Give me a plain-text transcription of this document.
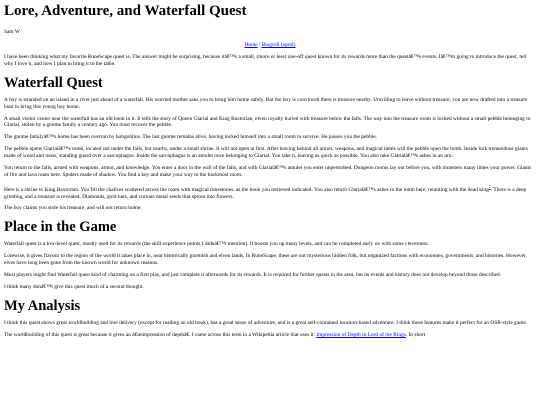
Lore, Adventure, and Waterfall Quest

Sam W

Home | Blogroll (opml)

I have been thinking what my favorite RuneScape quest is. The answer might be surprising, because itâ€™s a small, (more or less) one-off quest known for its rewards more than the questâ€™s events. Iâ€™m going to introduce the quest, tell why I love it, and how I plan to bring it to the table.

Waterfall Quest

A boy is stranded on an island in a river just ahead of a waterfall. His worried mother asks you to bring him home safely. But the boy is convinced there is treasure nearby. Unwilling to leave without treasure, you are now drafted into a treasure hunt to bring this young boy home.

A small visitor center near the waterfall has an old book in it. It tells the story of Queen Glarial and King Baxtorian, elven royalty buried with treasure below the falls. The way into the treasure room is locked without a small pebble belonging to Glarial, stolen by a gnome family a century ago. You must recover the pebble.

The gnome familyâ€™s home has been overrun by hobgoblins. The last gnome remains alive, having locked himself into a small room to survive. He passes you the pebble.

The pebble opens Glarialâ€™s tomb, located not under the falls, but nearby, under a small shrine. It will not open at first. After leaving behind all armor, weapons, and magical items will the pebble open the tomb. Inside lurk tremendous giants made of wood and moss, standing guard over a sarcophagus. Inside the sarcophagus is an amulet once belonging to Glarial. You take it, leaving as quick as possible. You also take Glarialâ€™s ashes in an urn.

You return to the falls, armed with weapons, armor, and knowledge. You enter a door in the wall of the falls, and with Glarialâ€™s amulet you enter unperturbed. Dungeon rooms lay out before you, with monsters many times your power. Giants of fire and lava roam here. Spiders made of shadow. You find a key and make your way to the backmost room.

Here is a shrine to King Baxtorian. You fill the chalices scattered across the room with magical runestones, as the book you retrieved indicated. You also return Glarialâ€™s ashes to the tomb here, reuniting with the dead king$^1$. There is a deep grinding, and a treasure is revealed. Diamonds, gold bars, and curious metal seeds that sprout into flowers.

The boy claims you stole his treasure, and will not return home.

Place in the Game

Waterfall quest is a low-level quest, mostly used for its rewards (the skill experience points I didnâ€™t mention). It boosts you up many levels, and can be completed early on with some cleverness.

Lorewise, it gives flavour to the region of the world it takes place in, near historically gnomish and elven lands. In RuneScape, these are not mysterious hidden folk, but organized factions with economies, governments, and histories. However, elves have long been gone from the known world for unknown reasons.

Most players might find Waterfall quest kind of charming on a first play, and just complete it afterwards for its rewards. It is required for further quests in the area, but its events and history does not develop beyond those described.

I think many donâ€™t give this quest much of a second thought.

My Analysis

I think this quest shows great worldbuilding and lore delivery (except for reading an old book), has a great sense of adventure, and is a great self-contained location-based adventure. I think these features make it perfect for an OSR-style game.

The worldbuilding of this quest is great because it gives an â€œimpression of depthâ€. I came across this term in a Wikipedia article that uses it: Impression of Depth in Lord of the Rings. In short
